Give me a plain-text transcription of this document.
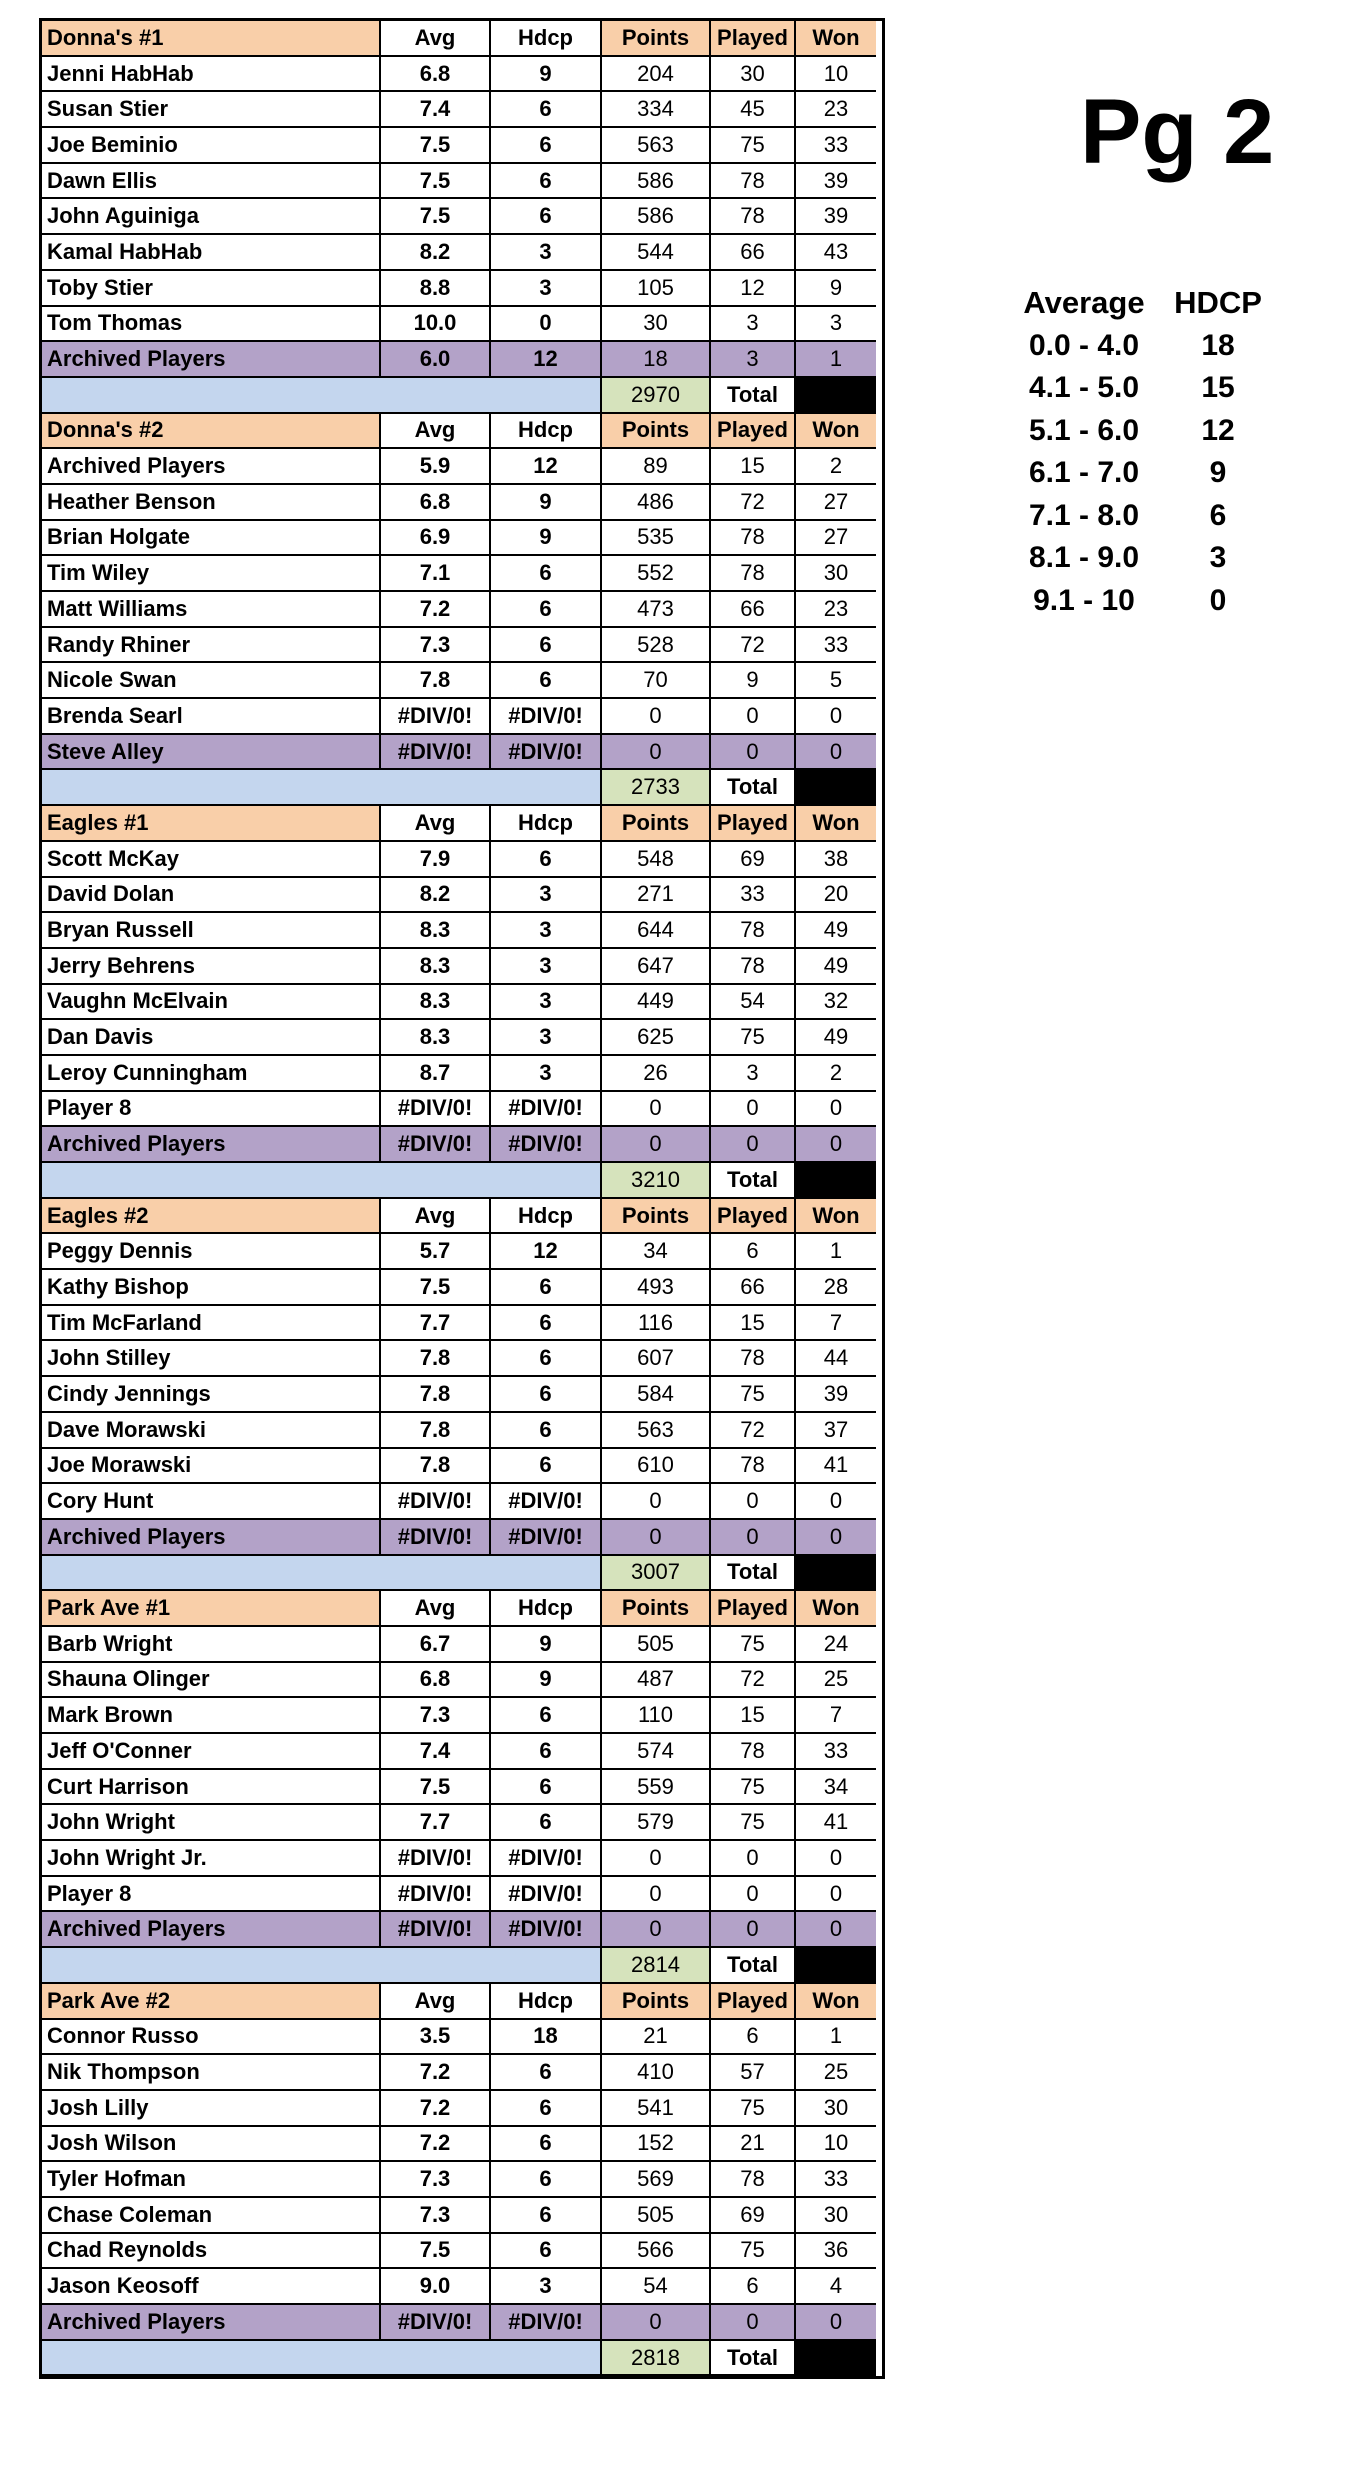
Donna's #1	Avg	Hdcp	Points	Played	Won
Jenni HabHab	6.8	9	204	30	10
Susan Stier	7.4	6	334	45	23
Joe Beminio	7.5	6	563	75	33
Dawn Ellis	7.5	6	586	78	39
John Aguiniga	7.5	6	586	78	39
Kamal HabHab	8.2	3	544	66	43
Toby Stier	8.8	3	105	12	9
Tom Thomas	10.0	0	30	3	3
Archived Players	6.0	12	18	3	1
2970	Total
Donna's #2	Avg	Hdcp	Points	Played	Won
Archived Players	5.9	12	89	15	2
Heather Benson	6.8	9	486	72	27
Brian Holgate	6.9	9	535	78	27
Tim Wiley	7.1	6	552	78	30
Matt Williams	7.2	6	473	66	23
Randy Rhiner	7.3	6	528	72	33
Nicole Swan	7.8	6	70	9	5
Brenda Searl	#DIV/0!	#DIV/0!	0	0	0
Steve Alley	#DIV/0!	#DIV/0!	0	0	0
2733	Total
Eagles #1	Avg	Hdcp	Points	Played	Won
Scott McKay	7.9	6	548	69	38
David Dolan	8.2	3	271	33	20
Bryan Russell	8.3	3	644	78	49
Jerry Behrens	8.3	3	647	78	49
Vaughn McElvain	8.3	3	449	54	32
Dan Davis	8.3	3	625	75	49
Leroy Cunningham	8.7	3	26	3	2
Player 8	#DIV/0!	#DIV/0!	0	0	0
Archived Players	#DIV/0!	#DIV/0!	0	0	0
3210	Total
Eagles #2	Avg	Hdcp	Points	Played	Won
Peggy Dennis	5.7	12	34	6	1
Kathy Bishop	7.5	6	493	66	28
Tim McFarland	7.7	6	116	15	7
John Stilley	7.8	6	607	78	44
Cindy Jennings	7.8	6	584	75	39
Dave Morawski	7.8	6	563	72	37
Joe Morawski	7.8	6	610	78	41
Cory Hunt	#DIV/0!	#DIV/0!	0	0	0
Archived Players	#DIV/0!	#DIV/0!	0	0	0
3007	Total
Park Ave #1	Avg	Hdcp	Points	Played	Won
Barb Wright	6.7	9	505	75	24
Shauna Olinger	6.8	9	487	72	25
Mark Brown	7.3	6	110	15	7
Jeff O'Conner	7.4	6	574	78	33
Curt Harrison	7.5	6	559	75	34
John Wright	7.7	6	579	75	41
John Wright Jr.	#DIV/0!	#DIV/0!	0	0	0
Player 8	#DIV/0!	#DIV/0!	0	0	0
Archived Players	#DIV/0!	#DIV/0!	0	0	0
2814	Total
Park Ave #2	Avg	Hdcp	Points	Played	Won
Connor Russo	3.5	18	21	6	1
Nik Thompson	7.2	6	410	57	25
Josh Lilly	7.2	6	541	75	30
Josh Wilson	7.2	6	152	21	10
Tyler Hofman	7.3	6	569	78	33
Chase Coleman	7.3	6	505	69	30
Chad Reynolds	7.5	6	566	75	36
Jason Keosoff	9.0	3	54	6	4
Archived Players	#DIV/0!	#DIV/0!	0	0	0
2818	Total
Pg 2
Average HDCP
0.0 - 4.0	18
4.1 - 5.0	15
5.1 - 6.0	12
6.1 - 7.0	9
7.1 - 8.0	6
8.1 - 9.0	3
9.1 - 10	0
